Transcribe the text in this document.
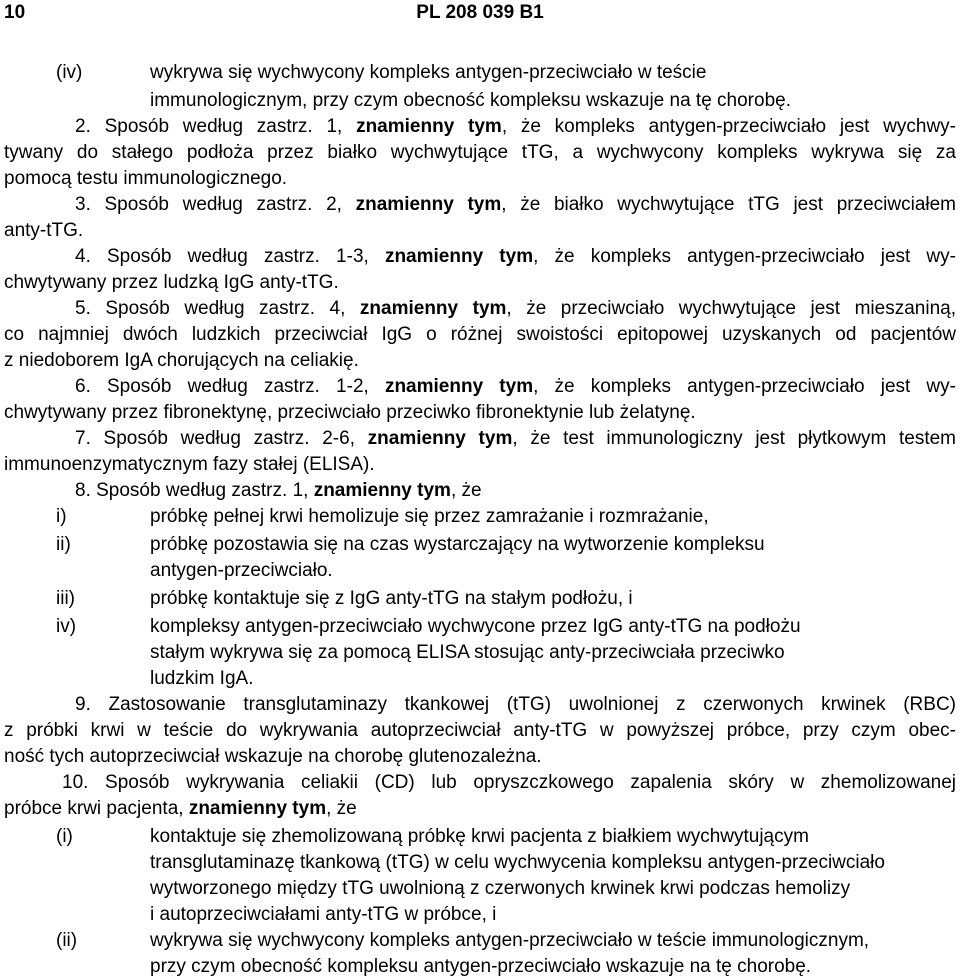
10	PL 208 039 B1
(iv)	wykrywa się wychwycony kompleks antygen-przeciwciało w teście
immunologicznym, przy czym obecność kompleksu wskazuje na tę chorobę.
2. Sposób według zastrz. 1, znamienny tym, że kompleks antygen-przeciwciało jest wychwy-
tywany do stałego podłoża przez białko wychwytujące tTG, a wychwycony kompleks wykrywa się za
pomocą testu immunologicznego.
3. Sposób według zastrz. 2, znamienny tym, że białko wychwytujące tTG jest przeciwciałem
anty-tTG.
4. Sposób według zastrz. 1-3, znamienny tym, że kompleks antygen-przeciwciało jest wy-
chwytywany przez ludzką IgG anty-tTG.
5. Sposób według zastrz. 4, znamienny tym, że przeciwciało wychwytujące jest mieszaniną,
co najmniej dwóch ludzkich przeciwciał IgG o różnej swoistości epitopowej uzyskanych od pacjentów
z niedoborem IgA chorujących na celiakię.
6. Sposób według zastrz. 1-2, znamienny tym, że kompleks antygen-przeciwciało jest wy-
chwytywany przez fibronektynę, przeciwciało przeciwko fibronektynie lub żelatynę.
7. Sposób według zastrz. 2-6, znamienny tym, że test immunologiczny jest płytkowym testem
immunoenzymatycznym fazy stałej (ELISA).
8. Sposób według zastrz. 1, znamienny tym, że
i)	próbkę pełnej krwi hemolizuje się przez zamrażanie i rozmrażanie,
ii)	próbkę pozostawia się na czas wystarczający na wytworzenie kompleksu
antygen-przeciwciało.
iii)	próbkę kontaktuje się z IgG anty-tTG na stałym podłożu, i
iv)	kompleksy antygen-przeciwciało wychwycone przez IgG anty-tTG na podłożu
stałym wykrywa się za pomocą ELISA stosując anty-przeciwciała przeciwko
ludzkim IgA.
9. Zastosowanie transglutaminazy tkankowej (tTG) uwolnionej z czerwonych krwinek (RBC)
z próbki krwi w teście do wykrywania autoprzeciwciał anty-tTG w powyższej próbce, przy czym obec-
ność tych autoprzeciwciał wskazuje na chorobę glutenozależna.
10. Sposób wykrywania celiakii (CD) lub opryszczkowego zapalenia skóry w zhemolizowanej
próbce krwi pacjenta, znamienny tym, że
(i)	kontaktuje się zhemolizowaną próbkę krwi pacjenta z białkiem wychwytującym
transglutaminazę tkankową (tTG) w celu wychwycenia kompleksu antygen-przeciwciało
wytworzonego między tTG uwolnioną z czerwonych krwinek krwi podczas hemolizy
i autoprzeciwciałami anty-tTG w próbce, i
(ii)	wykrywa się wychwycony kompleks antygen-przeciwciało w teście immunologicznym,
przy czym obecność kompleksu antygen-przeciwciało wskazuje na tę chorobę.
